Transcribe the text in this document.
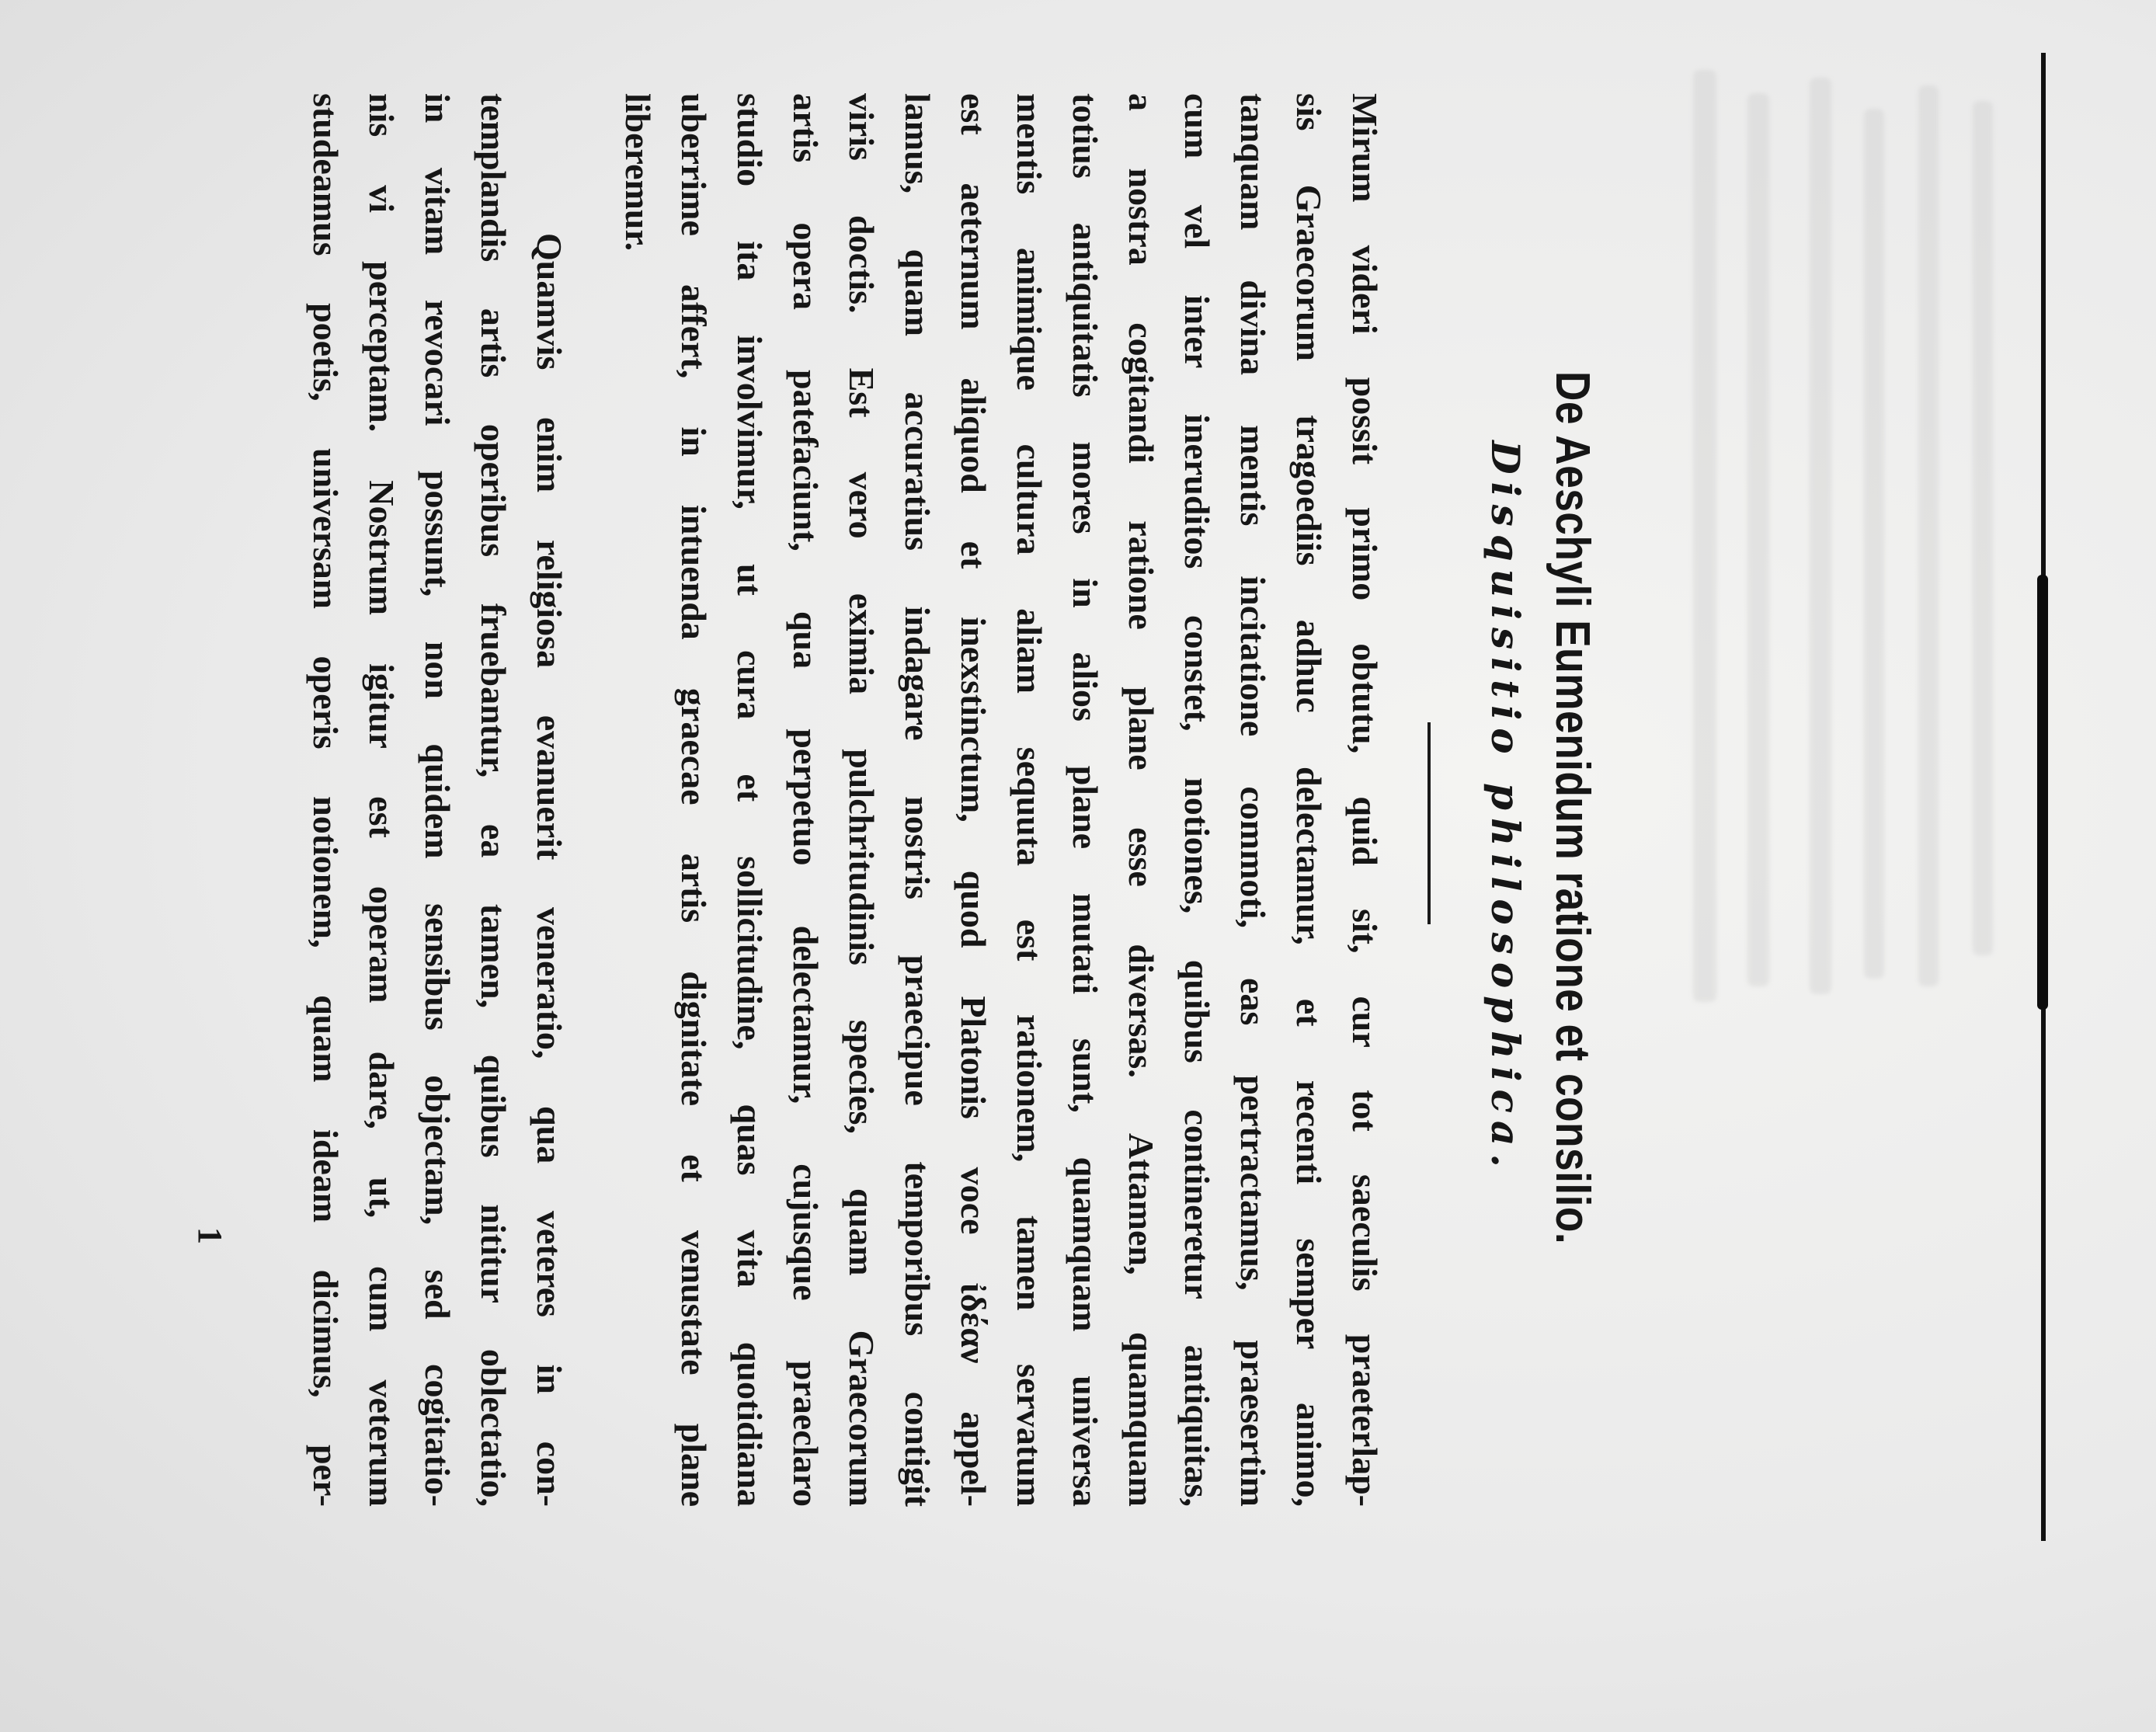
De Aeschyli Eumenidum ratione et consilio.
Disquisitio philosophica.
Mirum videri possit primo obtutu, quid sit, cur tot saeculis praeterlap-
sis Graecorum tragoediis adhuc delectamur, et recenti semper animo,
tanquam divina mentis incitatione commoti, eas pertractamus, praesertim
cum vel inter ineruditos constet, notiones, quibus contineretur antiquitas,
a nostra cogitandi ratione plane esse diversas. Attamen, quamquam
totius antiquitatis mores in alios plane mutati sunt, quamquam universa
mentis animique cultura aliam sequuta est rationem, tamen servatum
est aeternum aliquod et inexstinctum, quod Platonis voce ἰδέαν appel-
lamus, quam accuratius indagare nostris praecipue temporibus contigit
viris doctis. Est vero eximia pulchritudinis species, quam Graecorum
artis opera patefaciunt, qua perpetuo delectamur, cujusque praeclaro
studio ita involvimur, ut cura et sollicitudine, quas vita quotidiana
uberrime affert, in intuenda graecae artis dignitate et venustate plane
liberemur.
Quamvis enim religiosa evanuerit veneratio, qua veteres in con-
templandis artis operibus fruebantur, ea tamen, quibus nititur oblectatio,
in vitam revocari possunt, non quidem sensibus objectam, sed cogitatio-
nis vi perceptam. Nostrum igitur est operam dare, ut, cum veterum
studeamus poetis, universam operis notionem, quam ideam dicimus, per-
1
